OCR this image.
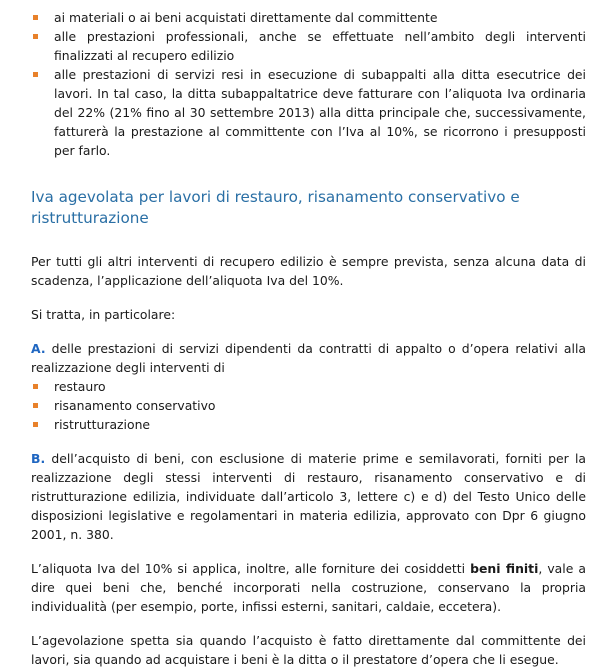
ai materiali o ai beni acquistati direttamente dal committente
alle prestazioni professionali, anche se effettuate nell’ambito degli interventi finalizzati al recupero edilizio
alle prestazioni di servizi resi in esecuzione di subappalti alla ditta esecutrice dei lavori. In tal caso, la ditta subappaltatrice deve fatturare con l’aliquota Iva ordinaria del 22% (21% fino al 30 settembre 2013) alla ditta principale che, successivamente, fatturerà la prestazione al committente con l’Iva al 10%, se ricorrono i presupposti per farlo.
Iva agevolata per lavori di restauro, risanamento conservativo e ristrutturazione

Per tutti gli altri interventi di recupero edilizio è sempre prevista, senza alcuna data di scadenza, l’applicazione dell’aliquota Iva del 10%.

Si tratta, in particolare:

A. delle prestazioni di servizi dipendenti da contratti di appalto o d’opera relativi alla realizzazione degli interventi di

restauro
risanamento conservativo
ristrutturazione

B. dell’acquisto di beni, con esclusione di materie prime e semilavorati, forniti per la realizzazione degli stessi interventi di restauro, risanamento conservativo e di ristrutturazione edilizia, individuate dall’articolo 3, lettere c) e d) del Testo Unico delle disposizioni legislative e regolamentari in materia edilizia, approvato con Dpr 6 giugno 2001, n. 380.

L’aliquota Iva del 10% si applica, inoltre, alle forniture dei cosiddetti beni finiti, vale a dire quei beni che, benché incorporati nella costruzione, conservano la propria individualità (per esempio, porte, infissi esterni, sanitari, caldaie, eccetera).

L’agevolazione spetta sia quando l’acquisto è fatto direttamente dal committente dei lavori, sia quando ad acquistare i beni è la ditta o il prestatore d’opera che li esegue.
